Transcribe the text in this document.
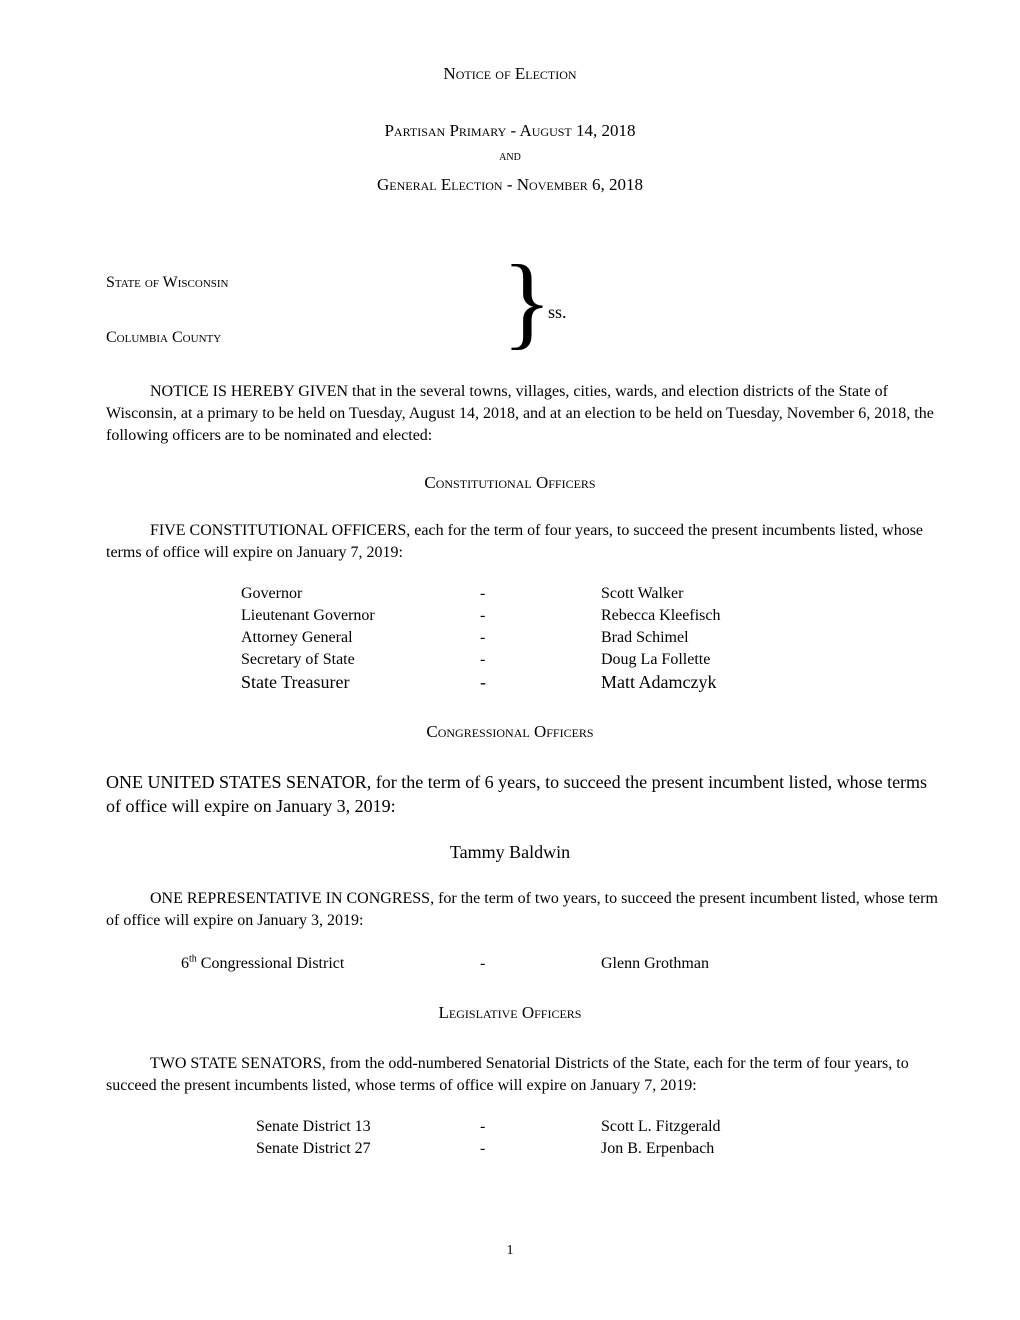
Notice of Election
Partisan Primary - August 14, 2018
and
General Election - November 6, 2018
State of Wisconsin
Columbia County	}
ss.
NOTICE IS HEREBY GIVEN that in the several towns, villages, cities, wards, and election districts of the State of Wisconsin, at a primary to be held on Tuesday, August 14, 2018, and at an election to be held on Tuesday, November 6, 2018, the following officers are to be nominated and elected:
Constitutional Officers
FIVE CONSTITUTIONAL OFFICERS, each for the term of four years, to succeed the present incumbents listed, whose terms of office will expire on January 7, 2019:
Governor	-	Scott Walker
Lieutenant Governor	-	Rebecca Kleefisch
Attorney General	-	Brad Schimel
Secretary of State	-	Doug La Follette
State Treasurer	-	Matt Adamczyk
Congressional Officers
ONE UNITED STATES SENATOR, for the term of 6 years, to succeed the present incumbent listed, whose terms of office will expire on January 3, 2019:
Tammy Baldwin
ONE REPRESENTATIVE IN CONGRESS, for the term of two years, to succeed the present incumbent listed, whose term of office will expire on January 3, 2019:
6th Congressional District	-	Glenn Grothman
Legislative Officers
TWO STATE SENATORS, from the odd-numbered Senatorial Districts of the State, each for the term of four years, to succeed the present incumbents listed, whose terms of office will expire on January 7, 2019:
Senate District 13	-	Scott L. Fitzgerald
Senate District 27	-	Jon B. Erpenbach
1
